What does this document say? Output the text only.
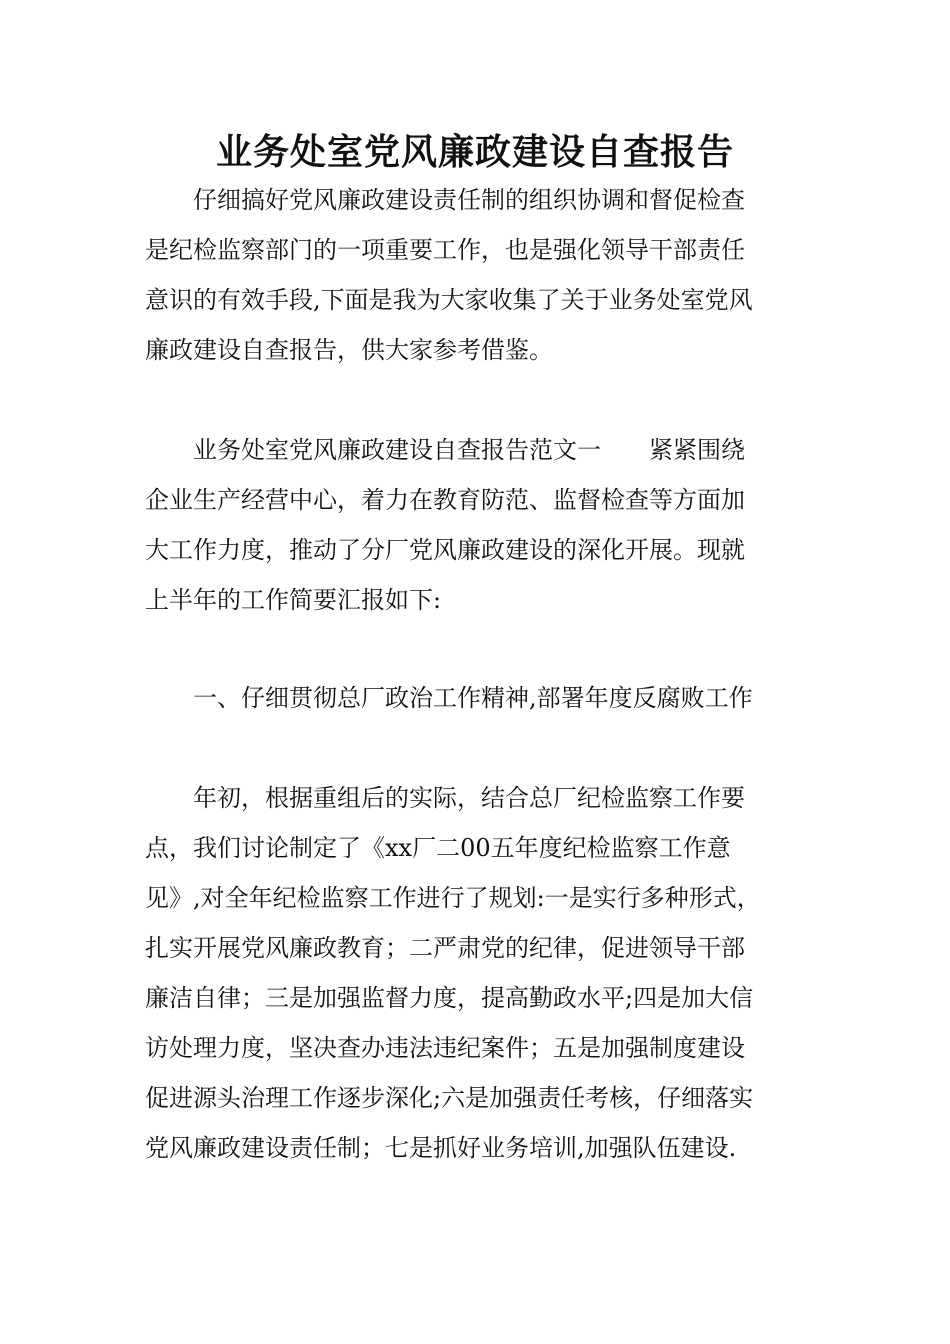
业务处室党风廉政建设自查报告
　　仔细搞好党风廉政建设责任制的组织协调和督促检查
是纪检监察部门的一项重要工作，也是强化领导干部责任
意识的有效手段,下面是我为大家收集了关于业务处室党风
廉政建设自查报告，供大家参考借鉴。
　　业务处室党风廉政建设自查报告范文一　　紧紧围绕
企业生产经营中心，着力在教育防范、监督检查等方面加
大工作力度，推动了分厂党风廉政建设的深化开展。现就
上半年的工作简要汇报如下:
　　一、仔细贯彻总厂政治工作精神,部署年度反腐败工作
　　年初，根据重组后的实际，结合总厂纪检监察工作要
点，我们讨论制定了《xx厂二00五年度纪检监察工作意
见》,对全年纪检监察工作进行了规划:一是实行多种形式，
扎实开展党风廉政教育；二严肃党的纪律，促进领导干部
廉洁自律；三是加强监督力度，提高勤政水平;四是加大信
访处理力度，坚决查办违法违纪案件；五是加强制度建设
促进源头治理工作逐步深化;六是加强责任考核，仔细落实
党风廉政建设责任制；七是抓好业务培训,加强队伍建设.
